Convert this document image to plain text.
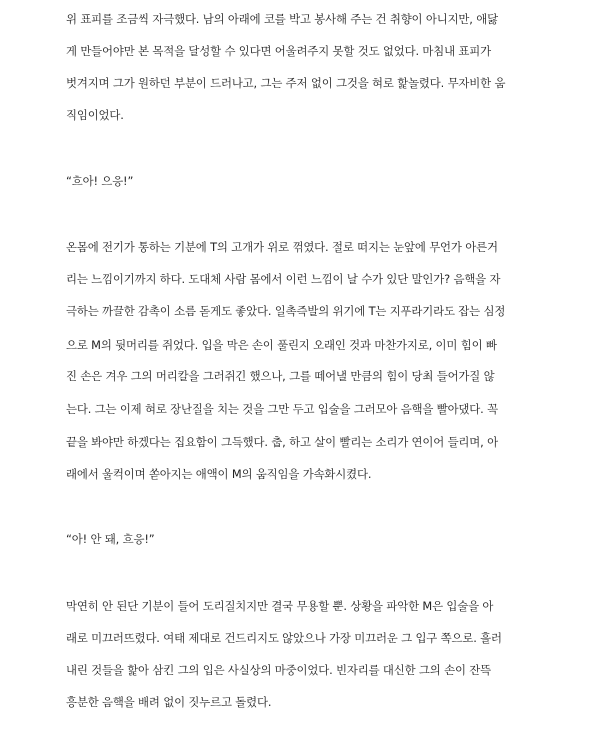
위 표피를 조금씩 자극했다. 남의 아래에 코를 박고 봉사해 주는 건 취향이 아니지만, 애닳
게 만들어야만 본 목적을 달성할 수 있다면 어울려주지 못할 것도 없었다. 마침내 표피가
벗겨지며 그가 원하던 부분이 드러나고, 그는 주저 없이 그것을 혀로 핥놀렸다. 무자비한 움
직임이었다.
“흐아! 으응!”
온몸에 전기가 통하는 기분에 T의 고개가 위로 꺾였다. 절로 떠지는 눈앞에 무언가 아른거
리는 느낌이기까지 하다. 도대체 사람 몸에서 이런 느낌이 날 수가 있단 말인가? 음핵을 자
극하는 까끌한 감촉이 소름 돋게도 좋았다. 일촉즉발의 위기에 T는 지푸라기라도 잡는 심정
으로 M의 뒷머리를 쥐었다. 입을 막은 손이 풀린지 오래인 것과 마찬가지로, 이미 힘이 빠
진 손은 겨우 그의 머리칼을 그러쥐긴 했으나, 그를 떼어낼 만큼의 힘이 당최 들어가질 않
는다. 그는 이제 혀로 장난질을 치는 것을 그만 두고 입술을 그러모아 음핵을 빨아댔다. 꼭
끝을 봐야만 하겠다는 집요함이 그득했다. 춥, 하고 살이 빨리는 소리가 연이어 들리며, 아
래에서 울컥이며 쏟아지는 애액이 M의 움직임을 가속화시켰다.
“아! 안 돼, 흐응!”
막연히 안 된단 기분이 들어 도리질치지만 결국 무용할 뿐. 상황을 파악한 M은 입술을 아
래로 미끄러뜨렸다. 여태 제대로 건드리지도 않았으나 가장 미끄러운 그 입구 쪽으로. 흘러
내린 것들을 핥아 삼킨 그의 입은 사실상의 마중이었다. 빈자리를 대신한 그의 손이 잔뜩
흥분한 음핵을 배려 없이 짓누르고 돌렸다.
